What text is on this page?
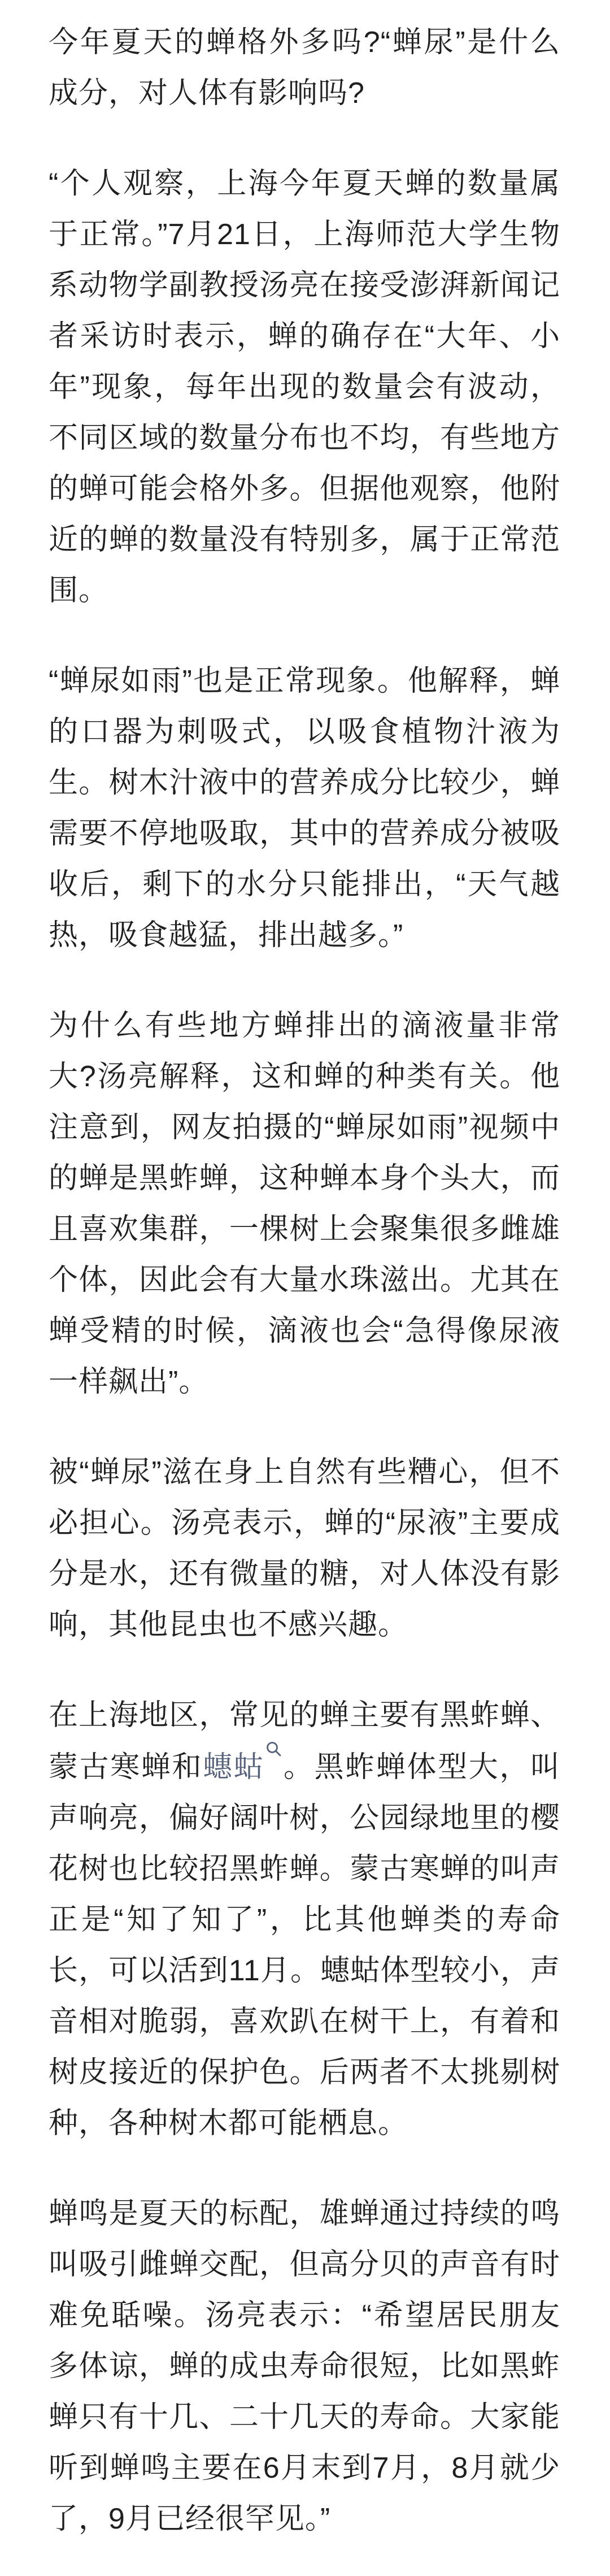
今年夏天的蝉格外多吗?“蝉尿”是什么成分，对人体有影响吗?

“个人观察，上海今年夏天蝉的数量属于正常。”7月21日，上海师范大学生物系动物学副教授汤亮在接受澎湃新闻记者采访时表示，蝉的确存在“大年、小年”现象，每年出现的数量会有波动，不同区域的数量分布也不均，有些地方的蝉可能会格外多。但据他观察，他附近的蝉的数量没有特别多，属于正常范围。

“蝉尿如雨”也是正常现象。他解释，蝉的口器为刺吸式，以吸食植物汁液为生。树木汁液中的营养成分比较少，蝉需要不停地吸取，其中的营养成分被吸收后，剩下的水分只能排出，“天气越热，吸食越猛，排出越多。”

为什么有些地方蝉排出的滴液量非常大?汤亮解释，这和蝉的种类有关。他注意到，网友拍摄的“蝉尿如雨”视频中的蝉是黑蚱蝉，这种蝉本身个头大，而且喜欢集群，一棵树上会聚集很多雌雄个体，因此会有大量水珠滋出。尤其在蝉受精的时候，滴液也会“急得像尿液一样飙出”。

被“蝉尿”滋在身上自然有些糟心，但不必担心。汤亮表示，蝉的“尿液”主要成分是水，还有微量的糖，对人体没有影响，其他昆虫也不感兴趣。

在上海地区，常见的蝉主要有黑蚱蝉、蒙古寒蝉和蟪蛄 。黑蚱蝉体型大，叫声响亮，偏好阔叶树，公园绿地里的樱花树也比较招黑蚱蝉。蒙古寒蝉的叫声正是“知了知了”，比其他蝉类的寿命长，可以活到11月。蟪蛄体型较小，声音相对脆弱，喜欢趴在树干上，有着和树皮接近的保护色。后两者不太挑剔树种，各种树木都可能栖息。

蝉鸣是夏天的标配，雄蝉通过持续的鸣叫吸引雌蝉交配，但高分贝的声音有时难免聒噪。汤亮表示：“希望居民朋友多体谅，蝉的成虫寿命很短，比如黑蚱蝉只有十几、二十几天的寿命。大家能听到蝉鸣主要在6月末到7月，8月就少了，9月已经很罕见。”
